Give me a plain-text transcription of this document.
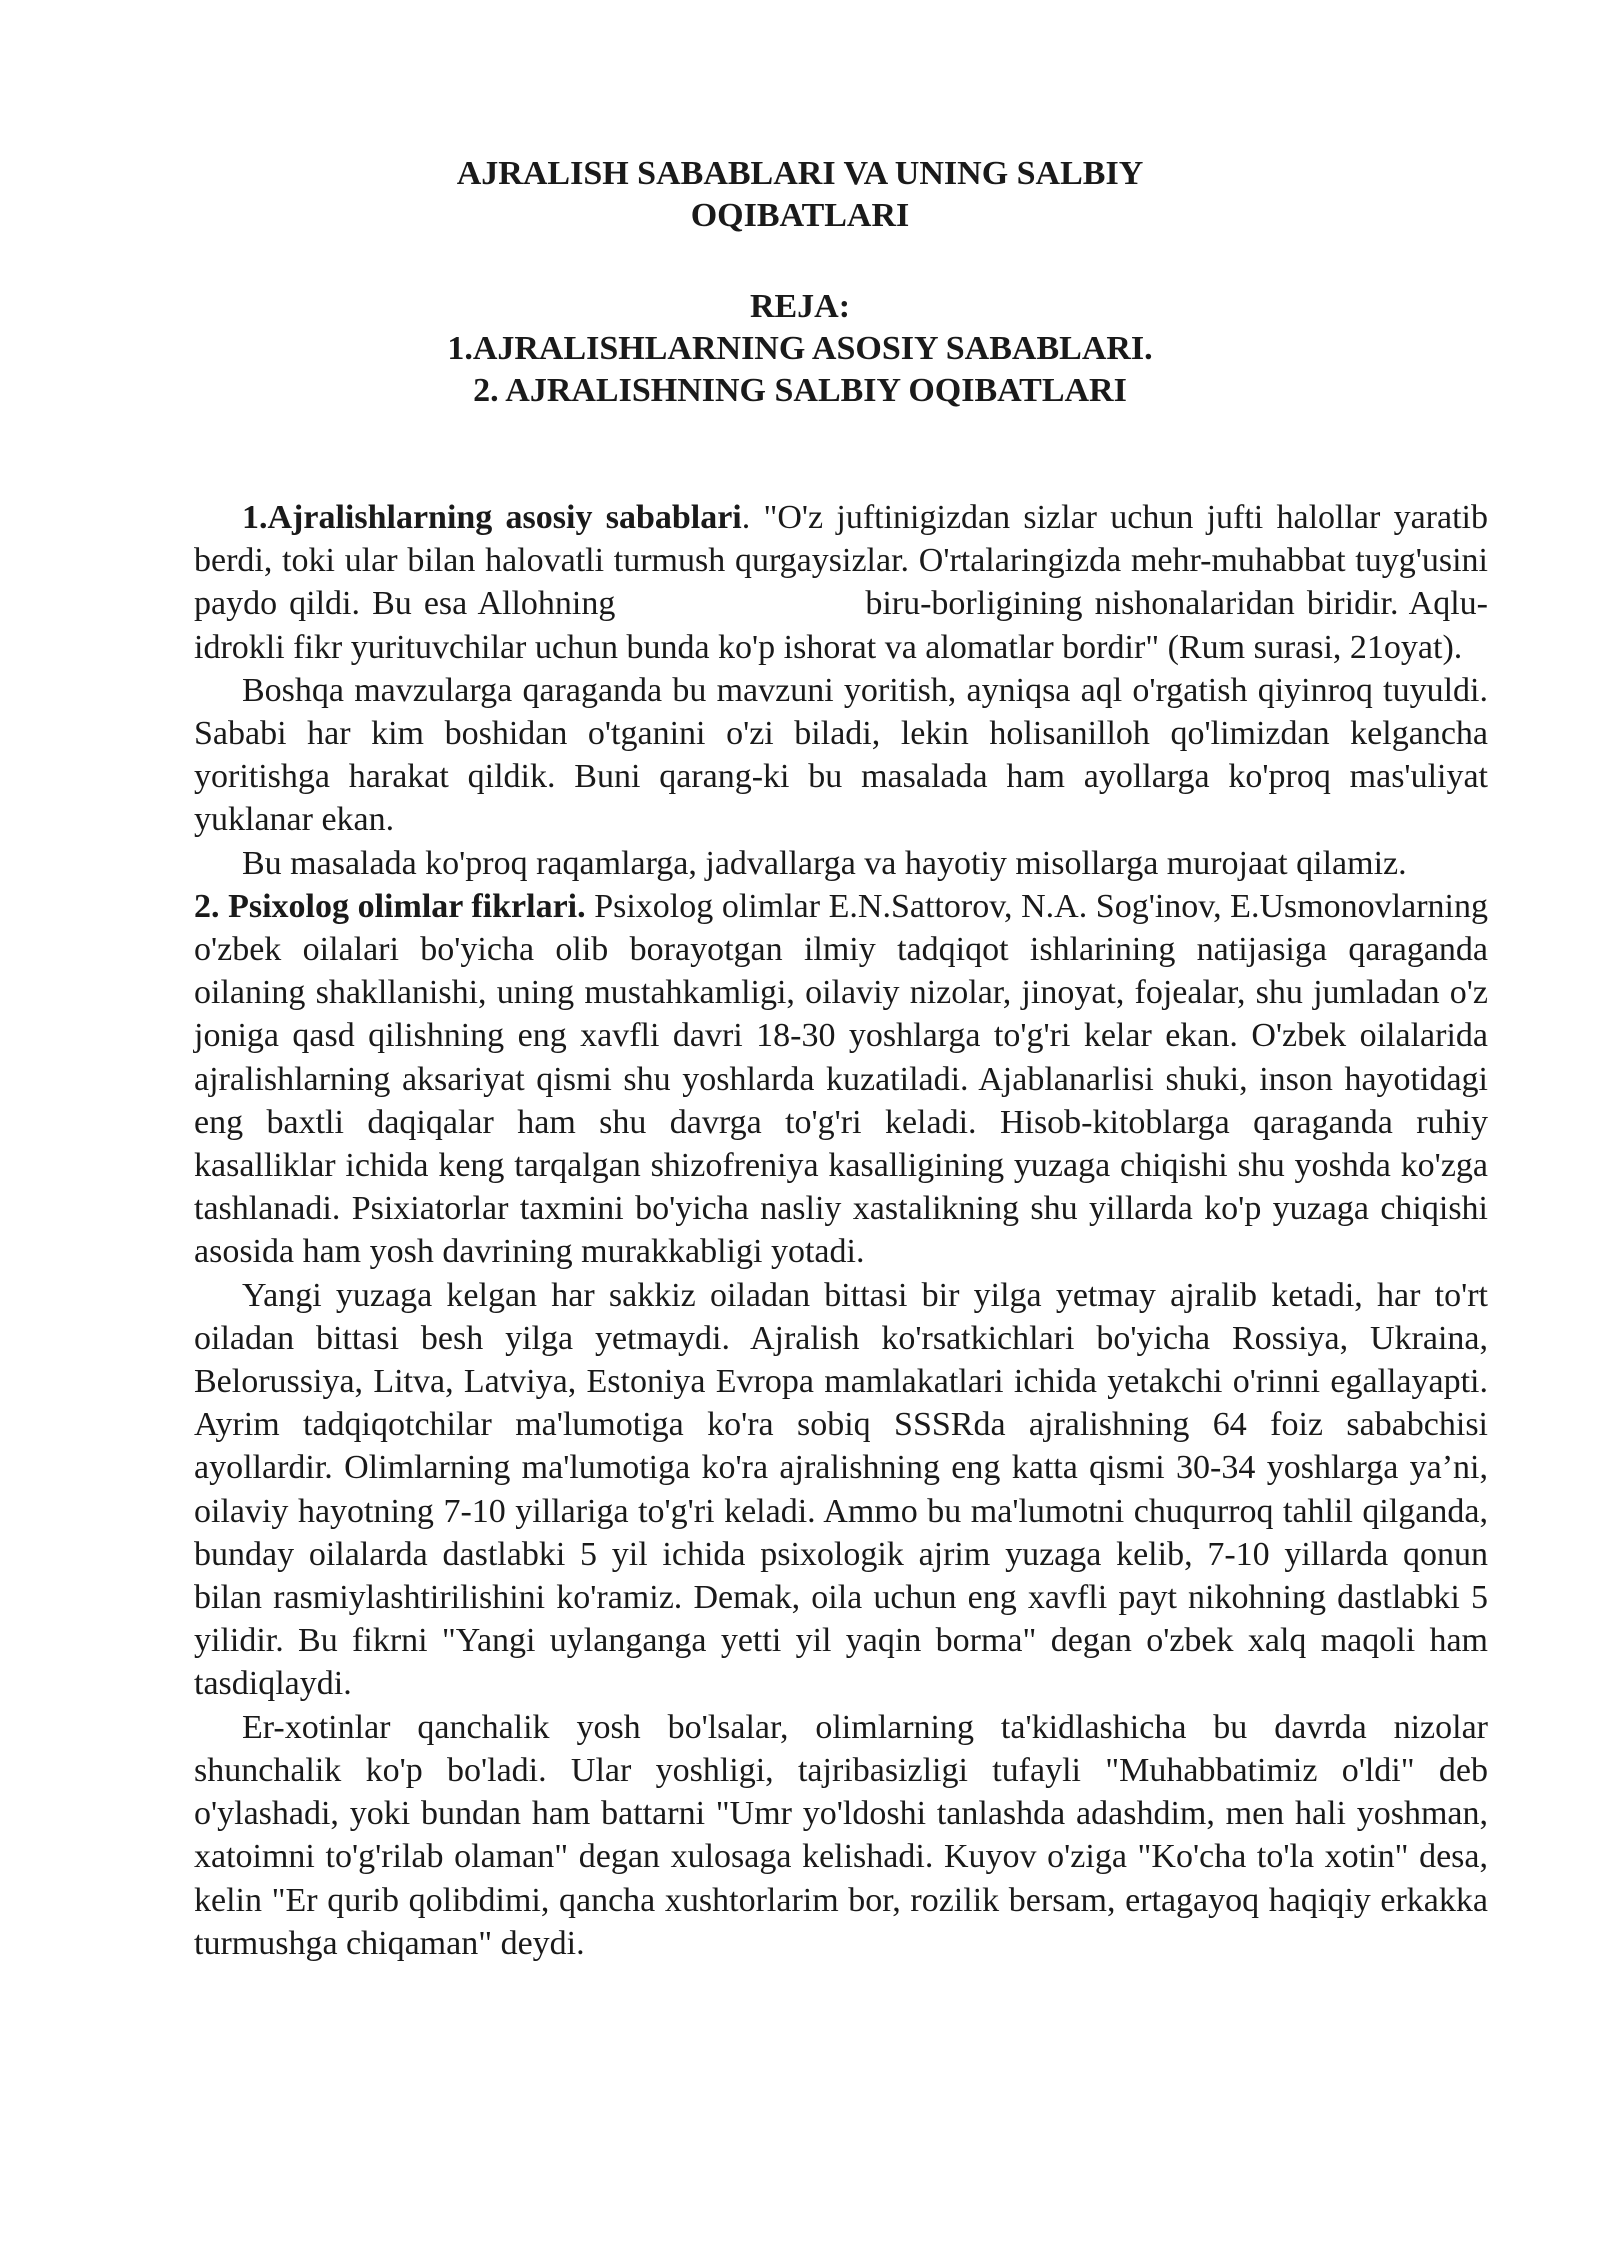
AJRALISH SABABLARI VA UNING SALBIY
OQIBATLARI
REJA:
1.AJRALISHLARNING ASOSIY SABABLARI.
2. AJRALISHNING SALBIY OQIBATLARI

1.Ajralishlarning asosiy sabablari. "O'z juftinigizdan sizlar uchun jufti halollar yaratib berdi, toki ular bilan halovatli turmush qurgaysizlar. O'rtalaringizda mehr-muhabbat tuyg'usini paydo qildi. Bu esa Allohning	biru-borligining nishonalaridan biridir. Aqlu-idrokli fikr yurituvchilar uchun bunda ko'p ishorat va alomatlar bordir" (Rum surasi, 21oyat).

Boshqa mavzularga qaraganda bu mavzuni yoritish, ayniqsa aql o'rgatish qiyinroq tuyuldi. Sababi har kim boshidan o'tganini o'zi biladi, lekin holisanilloh qo'limizdan kelgancha yoritishga harakat qildik. Buni qarang-ki bu masalada ham ayollarga ko'proq mas'uliyat yuklanar ekan.

Bu masalada ko'proq raqamlarga, jadvallarga va hayotiy misollarga murojaat qilamiz.

2. Psixolog olimlar fikrlari. Psixolog olimlar E.N.Sattorov, N.A. Sog'inov, E.Usmonovlarning o'zbek oilalari bo'yicha olib borayotgan ilmiy tadqiqot ishlarining natijasiga qaraganda oilaning shakllanishi, uning mustahkamligi, oilaviy nizolar, jinoyat, fojealar, shu jumladan o'z joniga qasd qilishning eng xavfli davri 18-30 yoshlarga to'g'ri kelar ekan. O'zbek oilalarida ajralishlarning aksariyat qismi shu yoshlarda kuzatiladi. Ajablanarlisi shuki, inson hayotidagi eng baxtli daqiqalar ham shu davrga to'g'ri keladi. Hisob-kitoblarga qaraganda ruhiy kasalliklar ichida keng tarqalgan shizofreniya kasalligining yuzaga chiqishi shu yoshda ko'zga tashlanadi. Psixiatorlar taxmini bo'yicha nasliy xastalikning shu yillarda ko'p yuzaga chiqishi asosida ham yosh davrining murakkabligi yotadi.

Yangi yuzaga kelgan har sakkiz oiladan bittasi bir yilga yetmay ajralib ketadi, har to'rt oiladan bittasi besh yilga yetmaydi. Ajralish ko'rsatkichlari bo'yicha Rossiya, Ukraina, Belorussiya, Litva, Latviya, Estoniya Evropa mamlakatlari ichida yetakchi o'rinni egallayapti. Ayrim tadqiqotchilar ma'lumotiga ko'ra sobiq SSSRda ajralishning 64 foiz sababchisi ayollardir. Olimlarning ma'lumotiga ko'ra ajralishning eng katta qismi 30-34 yoshlarga ya’ni, oilaviy hayotning 7-10 yillariga to'g'ri keladi. Ammo bu ma'lumotni chuqurroq tahlil qilganda, bunday oilalarda dastlabki 5 yil ichida psixologik ajrim yuzaga kelib, 7-10 yillarda qonun bilan rasmiylashtirilishini ko'ramiz. Demak, oila uchun eng xavfli payt nikohning dastlabki 5 yilidir. Bu fikrni "Yangi uylanganga yetti yil yaqin borma" degan o'zbek xalq maqoli ham tasdiqlaydi.

Er-xotinlar qanchalik yosh bo'lsalar, olimlarning ta'kidlashicha bu davrda nizolar shunchalik ko'p bo'ladi. Ular yoshligi, tajribasizligi tufayli "Muhabbatimiz o'ldi" deb o'ylashadi, yoki bundan ham battarni "Umr yo'ldoshi tanlashda adashdim, men hali yoshman, xatoimni to'g'rilab olaman" degan xulosaga kelishadi. Kuyov o'ziga "Ko'cha to'la xotin" desa, kelin "Er qurib qolibdimi, qancha xushtorlarim bor, rozilik bersam, ertagayoq haqiqiy erkakka turmushga chiqaman" deydi.
